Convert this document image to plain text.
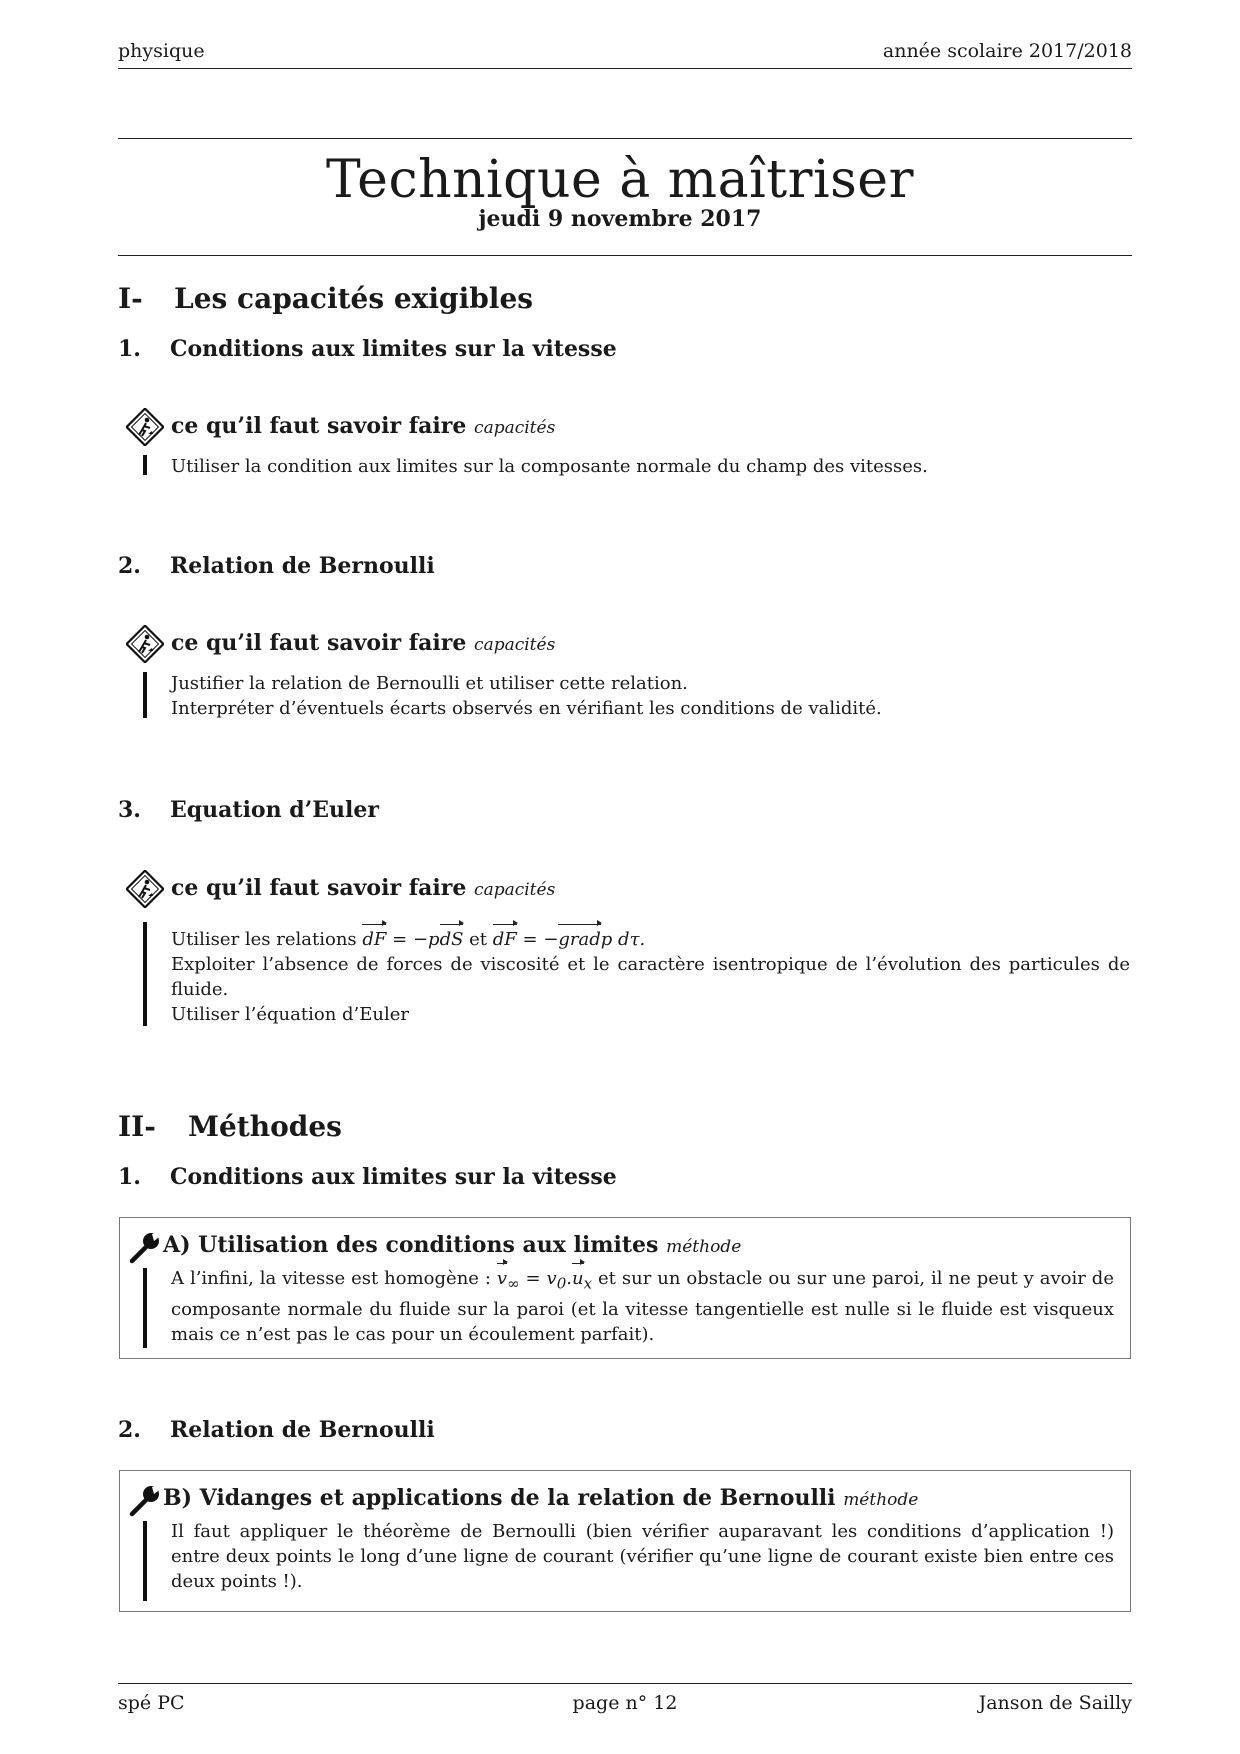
physique	année scolaire 2017/2018
Technique à maîtriser
jeudi 9 novembre 2017
I- Les capacités exigibles
1. Conditions aux limites sur la vitesse
ce qu’il faut savoir faire capacités
Utiliser la condition aux limites sur la composante normale du champ des vitesses.
2. Relation de Bernoulli
ce qu’il faut savoir faire capacités
Justifier la relation de Bernoulli et utiliser cette relation.
Interpréter d’éventuels écarts observés en vérifiant les conditions de validité.
3. Equation d’Euler
ce qu’il faut savoir faire capacités
Utiliser les relations dF = −pdS et dF = −gradp dτ.
Exploiter l’absence de forces de viscosité et le caractère isentropique de l’évolution des particules de fluide.
Utiliser l’équation d’Euler
II- Méthodes
1. Conditions aux limites sur la vitesse
A) Utilisation des conditions aux limites méthode
A l’infini, la vitesse est homogène : $v_\infty = v_0.u_x$ et sur un obstacle ou sur une paroi, il ne peut y avoir de composante normale du fluide sur la paroi (et la vitesse tangentielle est nulle si le fluide est visqueux mais ce n’est pas le cas pour un écoulement parfait).
2. Relation de Bernoulli
B) Vidanges et applications de la relation de Bernoulli méthode
Il faut appliquer le théorème de Bernoulli (bien vérifier auparavant les conditions d’application !) entre deux points le long d’une ligne de courant (vérifier qu’une ligne de courant existe bien entre ces deux points !).
spé PC	page n° 12	Janson de Sailly
